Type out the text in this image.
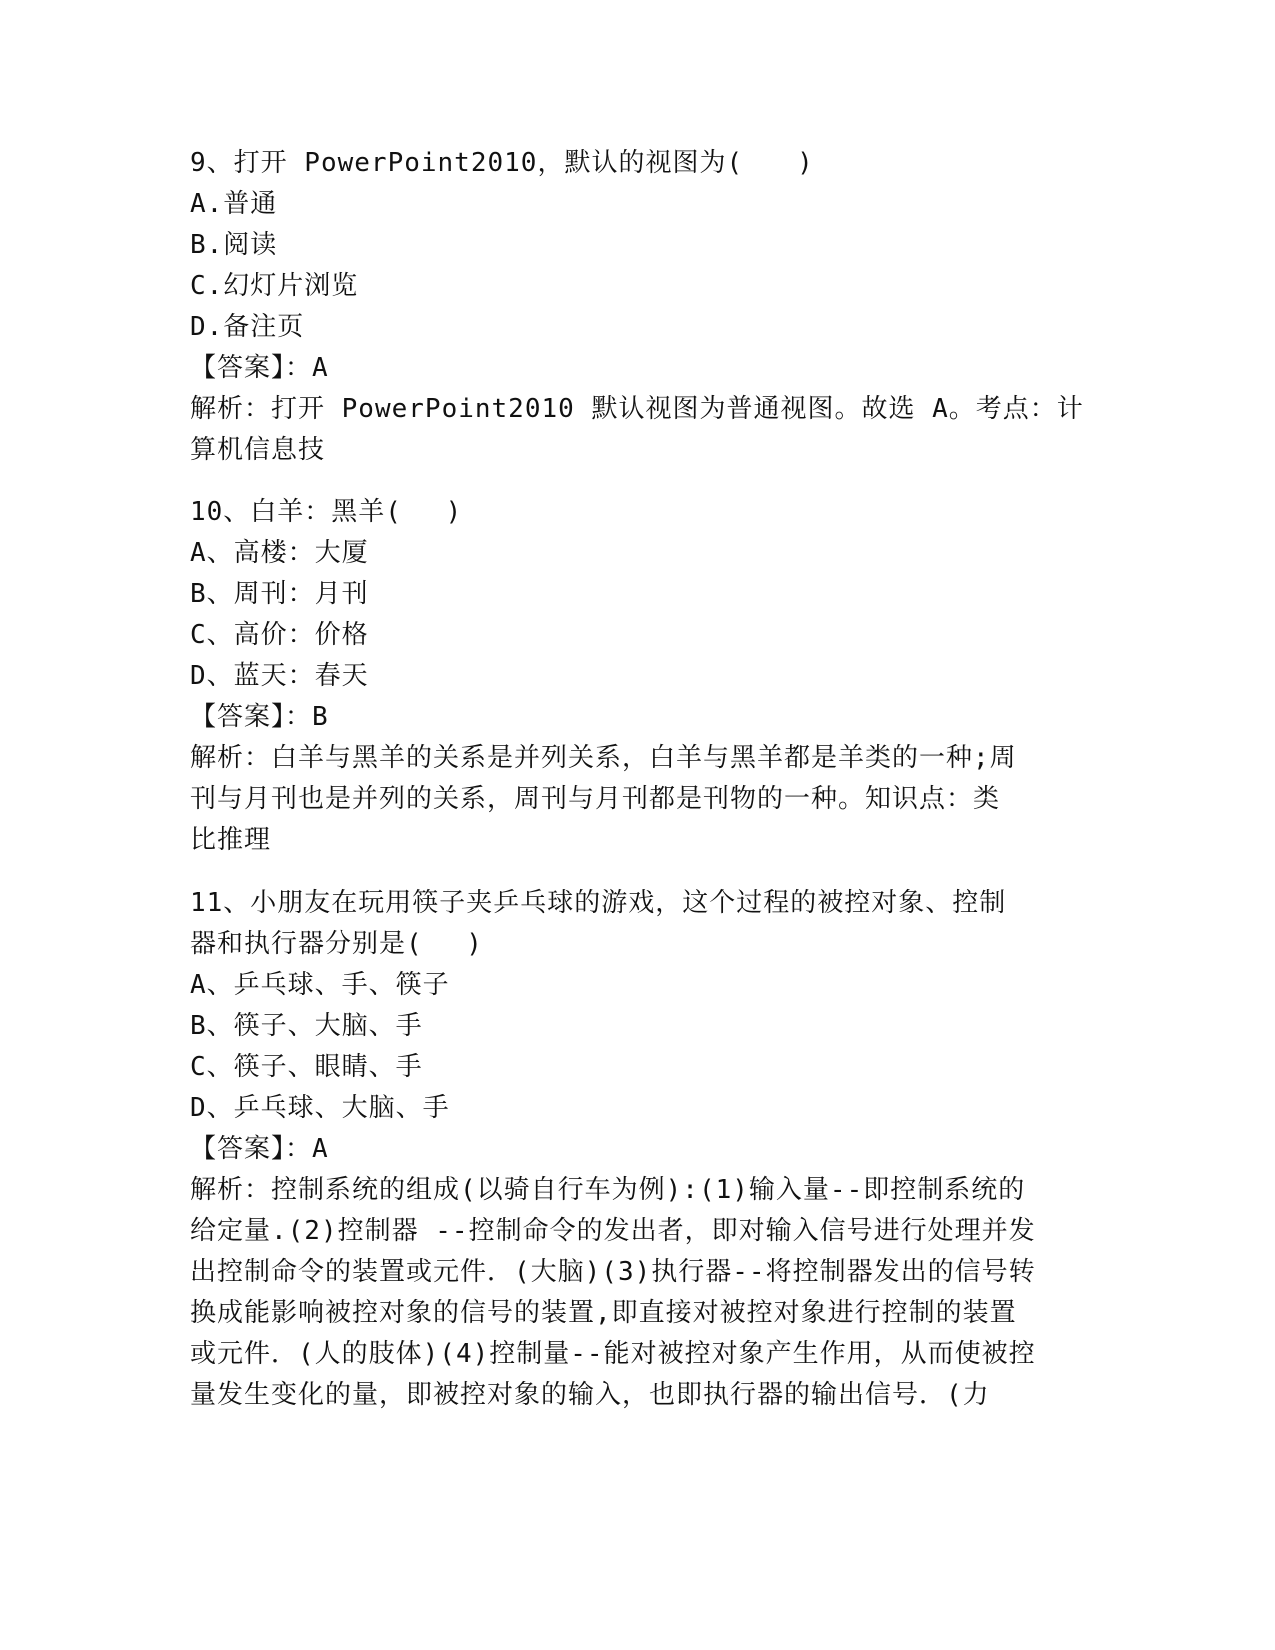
9、打开 PowerPoint2010，默认的视图为(　　)
A.普通
B.阅读
C.幻灯片浏览
D.备注页
【答案】：A
解析：打开 PowerPoint2010 默认视图为普通视图。故选 A。考点：计
算机信息技
10、白羊：黑羊(　 )
A、高楼：大厦
B、周刊：月刊
C、高价：价格
D、蓝天：春天
【答案】：B
解析：白羊与黑羊的关系是并列关系，白羊与黑羊都是羊类的一种;周
刊与月刊也是并列的关系，周刊与月刊都是刊物的一种。知识点：类
比推理
11、小朋友在玩用筷子夹乒乓球的游戏，这个过程的被控对象、控制
器和执行器分别是(　 )
A、乒乓球、手、筷子
B、筷子、大脑、手
C、筷子、眼睛、手
D、乒乓球、大脑、手
【答案】：A
解析：控制系统的组成(以骑自行车为例):(1)输入量--即控制系统的
给定量.(2)控制器 --控制命令的发出者，即对输入信号进行处理并发
出控制命令的装置或元件．(大脑)(3)执行器--将控制器发出的信号转
换成能影响被控对象的信号的装置,即直接对被控对象进行控制的装置
或元件．(人的肢体)(4)控制量--能对被控对象产生作用，从而使被控
量发生变化的量，即被控对象的输入，也即执行器的输出信号．(力
